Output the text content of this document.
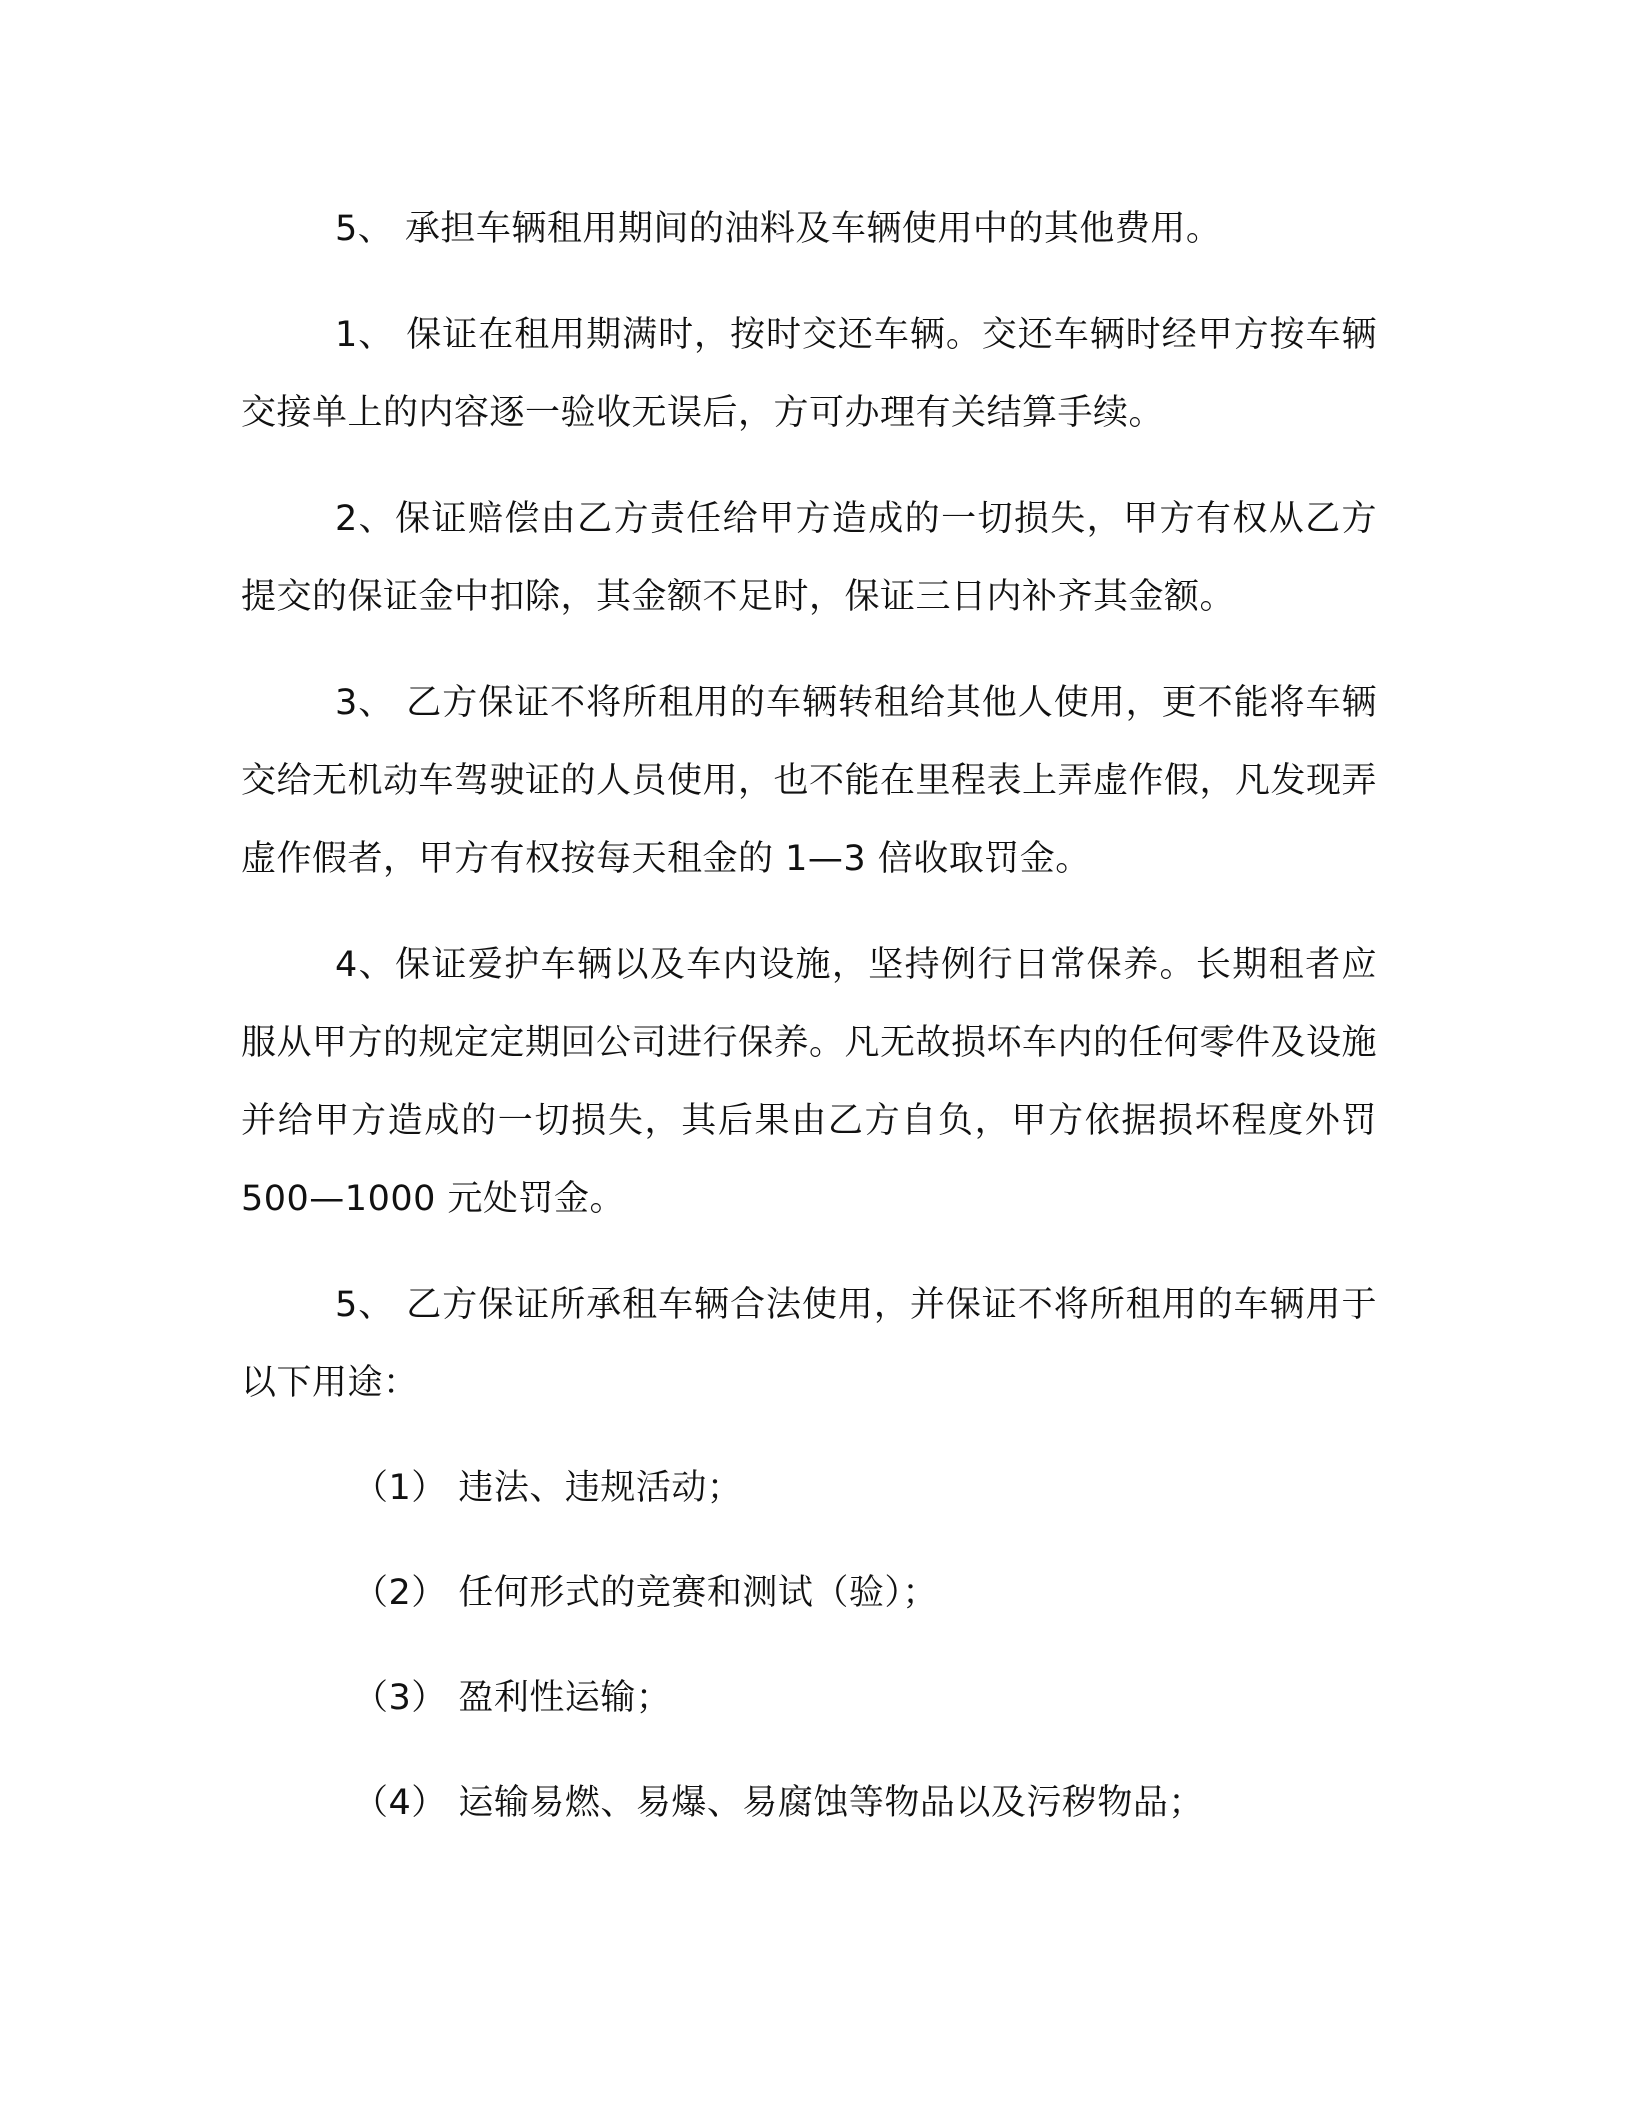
5、 承担车辆租用期间的油料及车辆使用中的其他费用。

1、 保证在租用期满时，按时交还车辆。交还车辆时经甲方按车辆交接单上的内容逐一验收无误后，方可办理有关结算手续。

2、保证赔偿由乙方责任给甲方造成的一切损失，甲方有权从乙方提交的保证金中扣除，其金额不足时，保证三日内补齐其金额。

3、 乙方保证不将所租用的车辆转租给其他人使用，更不能将车辆交给无机动车驾驶证的人员使用，也不能在里程表上弄虚作假，凡发现弄虚作假者，甲方有权按每天租金的 1—3 倍收取罚金。

4、保证爱护车辆以及车内设施，坚持例行日常保养。长期租者应服从甲方的规定定期回公司进行保养。凡无故损坏车内的任何零件及设施并给甲方造成的一切损失，其后果由乙方自负，甲方依据损坏程度外罚 500—1000 元处罚金。

5、 乙方保证所承租车辆合法使用，并保证不将所租用的车辆用于以下用途：

（1） 违法、违规活动；

（2） 任何形式的竞赛和测试（验）；

（3） 盈利性运输；

（4） 运输易燃、易爆、易腐蚀等物品以及污秽物品；
